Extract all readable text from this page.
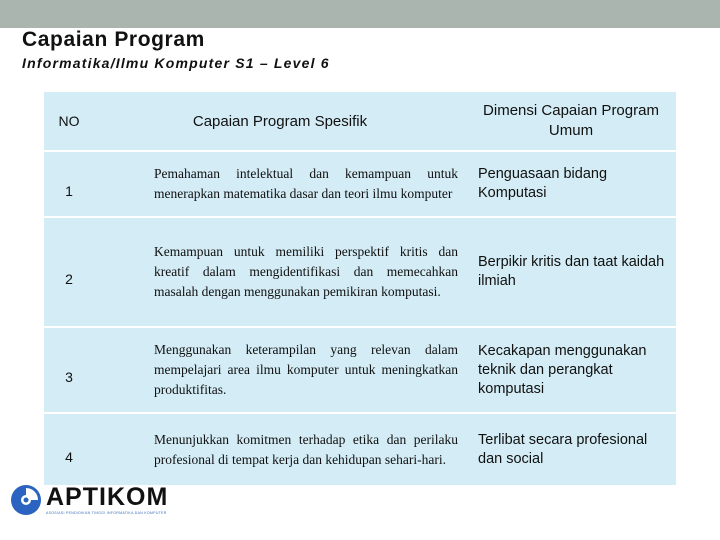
Capaian Program
Informatika/Ilmu Komputer S1 – Level 6
NO	Capaian Program Spesifik	Dimensi Capaian Program Umum
1	Pemahaman intelektual dan kemampuan untuk menerapkan matematika dasar dan teori ilmu komputer	Penguasaan bidang Komputasi
2	Kemampuan untuk memiliki perspektif kritis dan kreatif dalam mengidentifikasi dan memecahkan masalah dengan menggunakan pemikiran komputasi.	Berpikir kritis dan taat kaidah ilmiah
3	Menggunakan keterampilan yang relevan dalam mempelajari area ilmu komputer untuk meningkatkan produktifitas.	Kecakapan menggunakan teknik dan perangkat komputasi
4	Menunjukkan komitmen terhadap etika dan perilaku profesional di tempat kerja dan kehidupan sehari-hari.	Terlibat secara profesional dan social
APTIKOM
ASOSIASI PENDIDIKAN TINGGI INFORMATIKA DAN KOMPUTER
